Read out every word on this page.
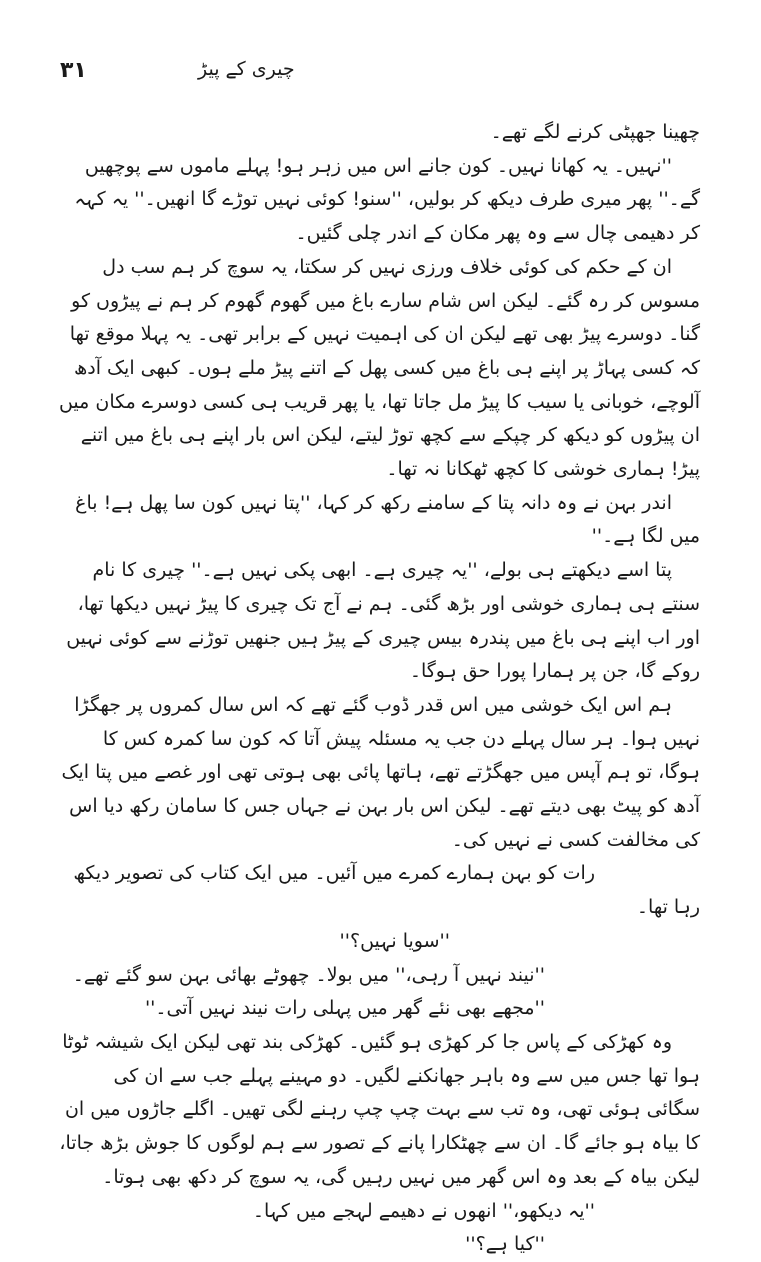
۳۱	چیری کے پیڑ

چھینا جھپٹی کرنے لگے تھے۔

''نہیں۔ یہ کھانا نہیں۔ کون جانے اس میں زہر ہو! پہلے ماموں سے پوچھیں گے۔'' پھر میری طرف دیکھ کر بولیں، ''سنو! کوئی نہیں توڑے گا انھیں۔'' یہ کہہ کر دھیمی چال سے وہ پھر مکان کے اندر چلی گئیں۔

ان کے حکم کی کوئی خلاف ورزی نہیں کر سکتا، یہ سوچ کر ہم سب دل مسوس کر رہ گئے۔ لیکن اس شام سارے باغ میں گھوم گھوم کر ہم نے پیڑوں کو گنا۔ دوسرے پیڑ بھی تھے لیکن ان کی اہمیت نہیں کے برابر تھی۔ یہ پہلا موقع تھا کہ کسی پہاڑ پر اپنے ہی باغ میں کسی پھل کے اتنے پیڑ ملے ہوں۔ کبھی ایک آدھ آلوچے، خوبانی یا سیب کا پیڑ مل جاتا تھا، یا پھر قریب ہی کسی دوسرے مکان میں ان پیڑوں کو دیکھ کر چپکے سے کچھ توڑ لیتے، لیکن اس بار اپنے ہی باغ میں اتنے پیڑ! ہماری خوشی کا کچھ ٹھکانا نہ تھا۔

اندر بہن نے وہ دانہ پتا کے سامنے رکھ کر کہا، ''پتا نہیں کون سا پھل ہے! باغ میں لگا ہے۔''

پتا اسے دیکھتے ہی بولے، ''یہ چیری ہے۔ ابھی پکی نہیں ہے۔'' چیری کا نام سنتے ہی ہماری خوشی اور بڑھ گئی۔ ہم نے آج تک چیری کا پیڑ نہیں دیکھا تھا، اور اب اپنے ہی باغ میں پندرہ بیس چیری کے پیڑ ہیں جنھیں توڑنے سے کوئی نہیں روکے گا، جن پر ہمارا پورا حق ہوگا۔

ہم اس ایک خوشی میں اس قدر ڈوب گئے تھے کہ اس سال کمروں پر جھگڑا نہیں ہوا۔ ہر سال پہلے دن جب یہ مسئلہ پیش آتا کہ کون سا کمرہ کس کا ہوگا، تو ہم آپس میں جھگڑتے تھے، ہاتھا پائی بھی ہوتی تھی اور غصے میں پتا ایک آدھ کو پیٹ بھی دیتے تھے۔ لیکن اس بار بہن نے جہاں جس کا سامان رکھ دیا اس کی مخالفت کسی نے نہیں کی۔

رات کو بہن ہمارے کمرے میں آئیں۔ میں ایک کتاب کی تصویر دیکھ رہا تھا۔

''سویا نہیں؟''

''نیند نہیں آ رہی،'' میں بولا۔ چھوٹے بھائی بہن سو گئے تھے۔

''مجھے بھی نئے گھر میں پہلی رات نیند نہیں آتی۔''

وہ کھڑکی کے پاس جا کر کھڑی ہو گئیں۔ کھڑکی بند تھی لیکن ایک شیشہ ٹوٹا ہوا تھا جس میں سے وہ باہر جھانکنے لگیں۔ دو مہینے پہلے جب سے ان کی سگائی ہوئی تھی، وہ تب سے بہت چپ چپ رہنے لگی تھیں۔ اگلے جاڑوں میں ان کا بیاہ ہو جائے گا۔ ان سے چھٹکارا پانے کے تصور سے ہم لوگوں کا جوش بڑھ جاتا، لیکن بیاہ کے بعد وہ اس گھر میں نہیں رہیں گی، یہ سوچ کر دکھ بھی ہوتا۔

''یہ دیکھو،'' انھوں نے دھیمے لہجے میں کہا۔

''کیا ہے؟''
